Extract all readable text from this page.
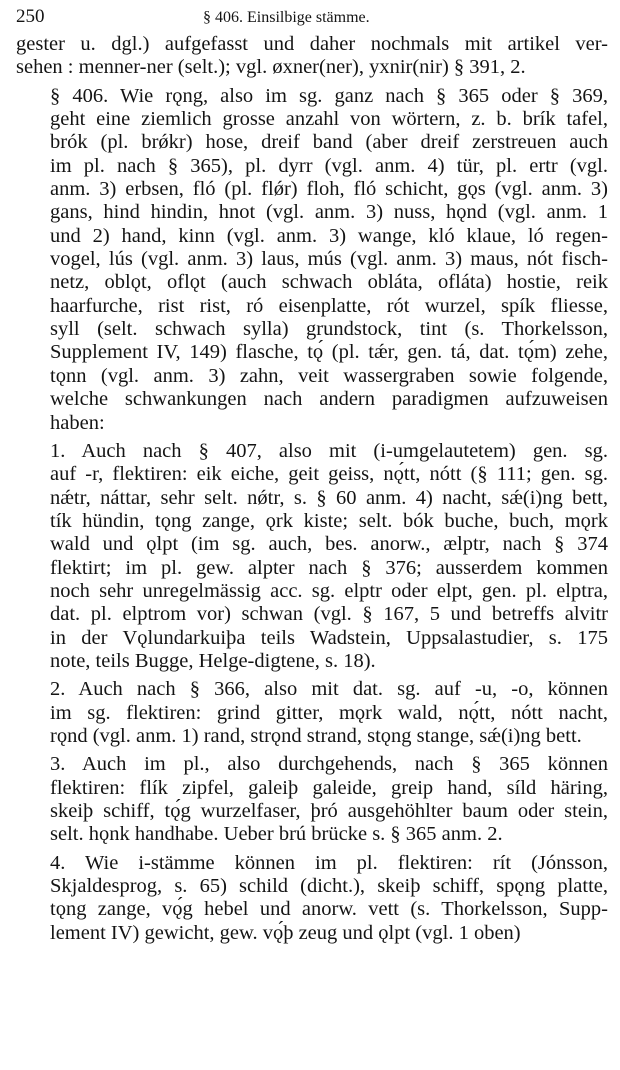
250	§ 406. Einsilbige stämme.

gester u. dgl.) aufgefasst und daher nochmals mit artikel ver-
sehen : menner-ner (selt.); vgl. øxner(ner), yxnir(nir) § 391, 2.

§ 406. Wie rǫng, also im sg. ganz nach § 365 oder § 369,
geht eine ziemlich grosse anzahl von wörtern, z. b. brík tafel,
brók (pl. brǿkr) hose, dreif band (aber dreif zerstreuen auch
im pl. nach § 365), pl. dyrr (vgl. anm. 4) tür, pl. ertr (vgl.
anm. 3) erbsen, fló (pl. flǿr) floh, fló schicht, gǫs (vgl. anm. 3)
gans, hind hindin, hnot (vgl. anm. 3) nuss, hǫnd (vgl. anm. 1
und 2) hand, kinn (vgl. anm. 3) wange, kló klaue, ló regen-
vogel, lús (vgl. anm. 3) laus, mús (vgl. anm. 3) maus, nót fisch-
netz, oblǫt, oflǫt (auch schwach obláta, ofláta) hostie, reik
haarfurche, rist rist, ró eisenplatte, rót wurzel, spík fliesse,
syll (selt. schwach sylla) grundstock, tint (s. Thorkelsson,
Supplement IV, 149) flasche, tǫ́ (pl. tǽr, gen. tá, dat. tǫ́m) zehe,
tǫnn (vgl. anm. 3) zahn, veit wassergraben sowie folgende,
welche schwankungen nach andern paradigmen aufzuweisen
haben:

1. Auch nach § 407, also mit (i-umgelautetem) gen. sg.
auf -r, flektiren: eik eiche, geit geiss, nǫ́tt, nótt (§ 111; gen. sg.
nǽtr, náttar, sehr selt. nǿtr, s. § 60 anm. 4) nacht, sǽ(i)ng bett,
tík hündin, tǫng zange, ǫrk kiste; selt. bók buche, buch, mǫrk
wald und ǫlpt (im sg. auch, bes. anorw., ælptr, nach § 374
flektirt; im pl. gew. alpter nach § 376; ausserdem kommen
noch sehr unregelmässig acc. sg. elptr oder elpt, gen. pl. elptra,
dat. pl. elptrom vor) schwan (vgl. § 167, 5 und betreffs alvitr
in der Vǫlundarkuiþa teils Wadstein, Uppsalastudier, s. 175
note, teils Bugge, Helge-digtene, s. 18).

2. Auch nach § 366, also mit dat. sg. auf -u, -o, können
im sg. flektiren: grind gitter, mǫrk wald, nǫ́tt, nótt nacht,
rǫnd (vgl. anm. 1) rand, strǫnd strand, stǫng stange, sǽ(i)ng bett.

3. Auch im pl., also durchgehends, nach § 365 können
flektiren: flík zipfel, galeiþ galeide, greip hand, síld häring,
skeiþ schiff, tǫ́g wurzelfaser, þró ausgehöhlter baum oder stein,
selt. hǫnk handhabe. Ueber brú brücke s. § 365 anm. 2.

4. Wie i-stämme können im pl. flektiren: rít (Jónsson,
Skjaldesprog, s. 65) schild (dicht.), skeiþ schiff, spǫng platte,
tǫng zange, vǫ́g hebel und anorw. vett (s. Thorkelsson, Supp-
lement IV) gewicht, gew. vǫ́þ zeug und ǫlpt (vgl. 1 oben)
